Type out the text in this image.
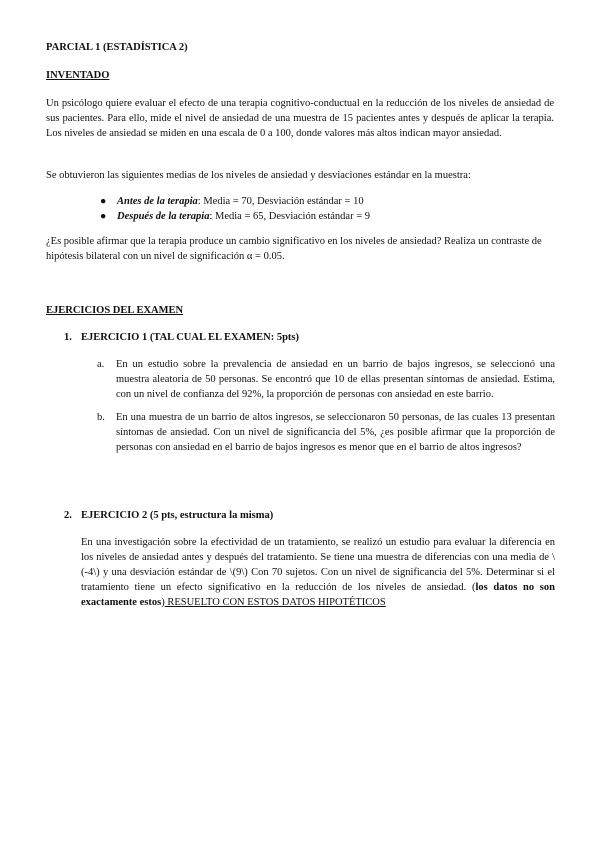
PARCIAL 1 (ESTADÍSTICA 2)
INVENTADO
Un psicólogo quiere evaluar el efecto de una terapia cognitivo-conductual en la reducción de los niveles de ansiedad de sus pacientes. Para ello, mide el nivel de ansiedad de una muestra de 15 pacientes antes y después de aplicar la terapia. Los niveles de ansiedad se miden en una escala de 0 a 100, donde valores más altos indican mayor ansiedad.
Se obtuvieron las siguientes medias de los niveles de ansiedad y desviaciones estándar en la muestra:
● Antes de la terapia: Media = 70, Desviación estándar = 10
● Después de la terapia: Media = 65, Desviación estándar = 9
¿Es posible afirmar que la terapia produce un cambio significativo en los niveles de ansiedad? Realiza un contraste de hipótesis bilateral con un nivel de significación α = 0.05.
EJERCICIOS DEL EXAMEN
1. EJERCICIO 1 (TAL CUAL EL EXAMEN: 5pts)
a. En un estudio sobre la prevalencia de ansiedad en un barrio de bajos ingresos, se seleccionó una muestra aleatoria de 50 personas. Se encontró que 10 de ellas presentan síntomas de ansiedad. Estima, con un nivel de confianza del 92%, la proporción de personas con ansiedad en este barrio.
b. En una muestra de un barrio de altos ingresos, se seleccionaron 50 personas, de las cuales 13 presentan síntomas de ansiedad. Con un nivel de significancia del 5%, ¿es posible afirmar que la proporción de personas con ansiedad en el barrio de bajos ingresos es menor que en el barrio de altos ingresos?
2. EJERCICIO 2 (5 pts, estructura la misma)
En una investigación sobre la efectividad de un tratamiento, se realizó un estudio para evaluar la diferencia en los niveles de ansiedad antes y después del tratamiento. Se tiene una muestra de diferencias con una media de \(-4\) y una desviación estándar de \(9\) Con 70 sujetos. Con un nivel de significancia del 5%. Determinar si el tratamiento tiene un efecto significativo en la reducción de los niveles de ansiedad. (los datos no son exactamente estos) RESUELTO CON ESTOS DATOS HIPOTÉTICOS
